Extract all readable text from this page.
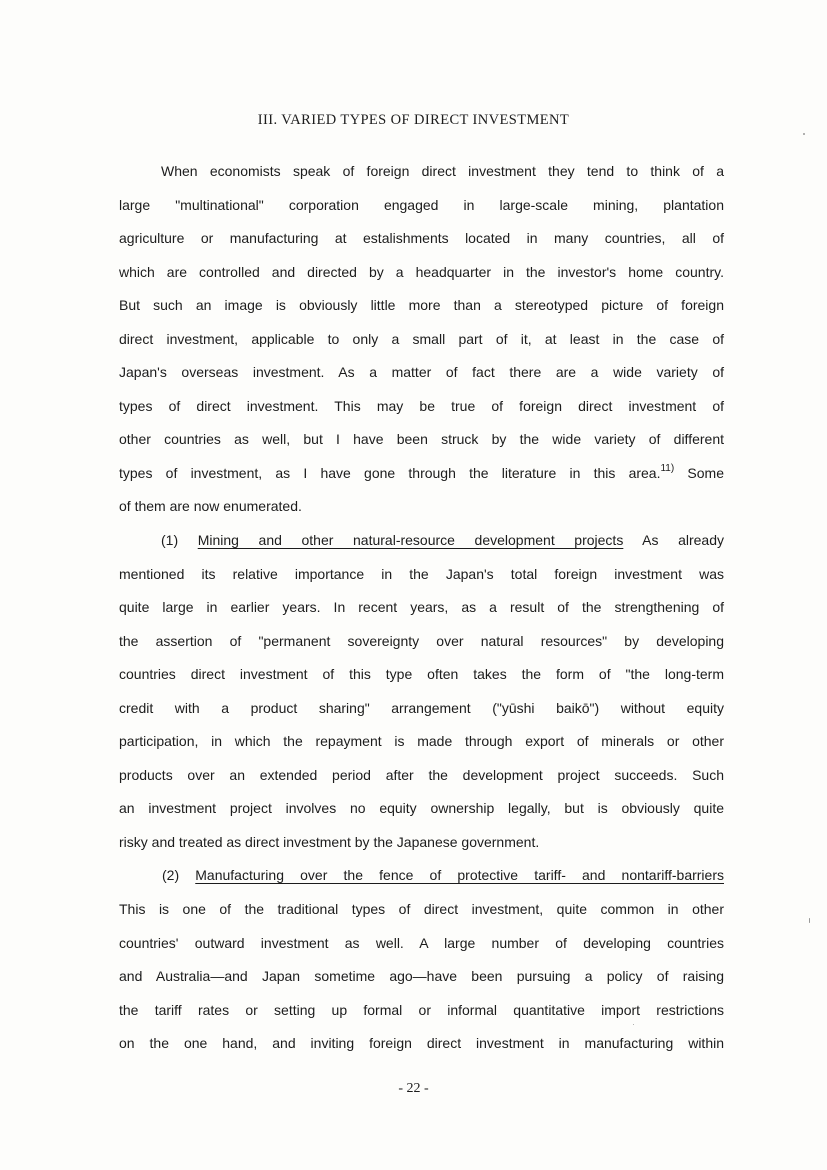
III. VARIED TYPES OF DIRECT INVESTMENT
When economists speak of foreign direct investment they tend to think of a
large "multinational" corporation engaged in large-scale mining, plantation
agriculture or manufacturing at estalishments located in many countries, all of
which are controlled and directed by a headquarter in the investor's home country.
But such an image is obviously little more than a stereotyped picture of foreign
direct investment, applicable to only a small part of it, at least in the case of
Japan's overseas investment. As a matter of fact there are a wide variety of
types of direct investment. This may be true of foreign direct investment of
other countries as well, but I have been struck by the wide variety of different
types of investment, as I have gone through the literature in this area.$^{11)}$ Some
of them are now enumerated.
(1) Mining and other natural-resource development projects As already
mentioned its relative importance in the Japan's total foreign investment was
quite large in earlier years. In recent years, as a result of the strengthening of
the assertion of "permanent sovereignty over natural resources" by developing
countries direct investment of this type often takes the form of "the long-term
credit with a product sharing" arrangement ("yūshi baikō") without equity
participation, in which the repayment is made through export of minerals or other
products over an extended period after the development project succeeds. Such
an investment project involves no equity ownership legally, but is obviously quite
risky and treated as direct investment by the Japanese government.
(2) Manufacturing over the fence of protective tariff- and nontariff-barriers
This is one of the traditional types of direct investment, quite common in other
countries' outward investment as well. A large number of developing countries
and Australia—and Japan sometime ago—have been pursuing a policy of raising
the tariff rates or setting up formal or informal quantitative import restrictions
on the one hand, and inviting foreign direct investment in manufacturing within
- 22 -
